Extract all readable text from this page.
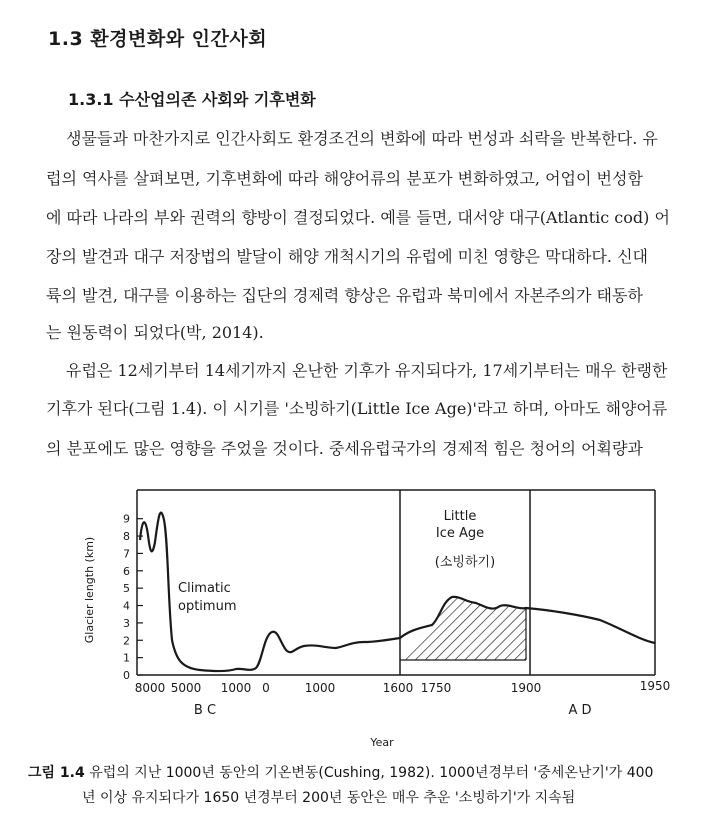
1.3 환경변화와 인간사회
1.3.1 수산업의존 사회와 기후변화
생물들과 마찬가지로 인간사회도 환경조건의 변화에 따라 번성과 쇠락을 반복한다. 유
럽의 역사를 살펴보면, 기후변화에 따라 해양어류의 분포가 변화하였고, 어업이 번성함
에 따라 나라의 부와 권력의 향방이 결정되었다. 예를 들면, 대서양 대구(Atlantic cod) 어
장의 발견과 대구 저장법의 발달이 해양 개척시기의 유럽에 미친 영향은 막대하다. 신대
륙의 발견, 대구를 이용하는 집단의 경제력 향상은 유럽과 북미에서 자본주의가 태동하
는 원동력이 되었다(박, 2014).
유럽은 12세기부터 14세기까지 온난한 기후가 유지되다가, 17세기부터는 매우 한랭한
기후가 된다(그림 1.4). 이 시기를 '소빙하기(Little Ice Age)'라고 하며, 아마도 해양어류
의 분포에도 많은 영향을 주었을 것이다. 중세유럽국가의 경제적 힘은 청어의 어획량과
0
1
2
3
4
5
6
7
8
9
Glacier length (km)	Climatic
optimum
Little
Ice Age
(소빙하기)
8000 5000 1000 0	1000	1600 1750	1900	1950
B C	A D
Year
그림 1.4 유럽의 지난 1000년 동안의 기온변동(Cushing, 1982). 1000년경부터 '중세온난기'가 400
년 이상 유지되다가 1650 년경부터 200년 동안은 매우 추운 '소빙하기'가 지속됨
